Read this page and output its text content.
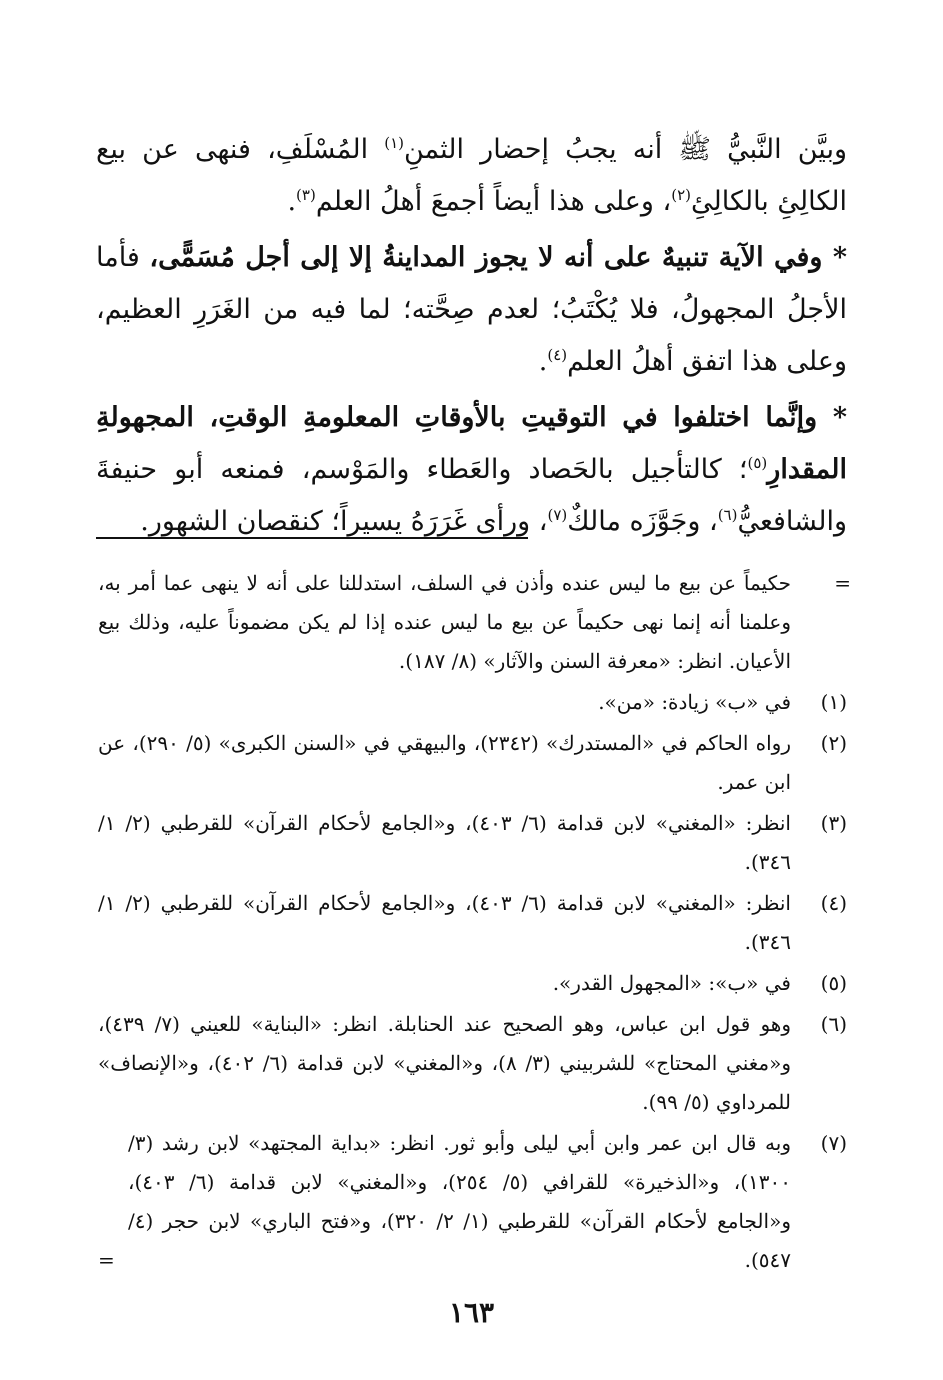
وبيَّن النَّبيُّ ﷺ أنه يجبُ إحضار الثمنِ$^{(١)}$ المُسْلَفِ، فنهى عن بيع الكالِئِ بالكالِئِ$^{(٢)}$، وعلى هذا أيضاً أجمعَ أهلُ العلم$^{(٣)}$.

* وفي الآية تنبيهٌ على أنه لا يجوز المداينةُ إلا إلى أجل مُسَمًّى، فأما الأجلُ المجهولُ، فلا يُكْتَبُ؛ لعدم صِحَّته؛ لما فيه من الغَرَرِ العظيم، وعلى هذا اتفق أهلُ العلم$^{(٤)}$.

* وإنَّما اختلفوا في التوقيتِ بالأوقاتِ المعلومةِ الوقتِ، المجهولةِ المقدارِ$^{(٥)}$؛ كالتأجيل بالحَصاد والعَطاء والمَوْسم، فمنعه أبو حنيفةَ والشافعيُّ$^{(٦)}$، وجَوَّزَه مالكٌ$^{(٧)}$، ورأى غَرَرَهُ يسيراً؛ كنقصان الشهور.

=
حكيماً عن بيع ما ليس عنده وأذن في السلف، استدللنا على أنه لا ينهى عما أمر به، وعلمنا أنه إنما نهى حكيماً عن بيع ما ليس عنده إذا لم يكن مضموناً عليه، وذلك بيع الأعيان. انظر: «معرفة السنن والآثار» (٨/ ١٨٧).
(١)
في «ب» زيادة: «من».
(٢)
رواه الحاكم في «المستدرك» (٢٣٤٢)، والبيهقي في «السنن الكبرى» (٥/ ٢٩٠)، عن ابن عمر.
(٣)
انظر: «المغني» لابن قدامة (٦/ ٤٠٣)، و«الجامع لأحكام القرآن» للقرطبي (٢/ ١/ ٣٤٦).
(٤)
انظر: «المغني» لابن قدامة (٦/ ٤٠٣)، و«الجامع لأحكام القرآن» للقرطبي (٢/ ١/ ٣٤٦).
(٥)
في «ب»: «المجهول القدر».
(٦)
وهو قول ابن عباس، وهو الصحيح عند الحنابلة. انظر: «البناية» للعيني (٧/ ٤٣٩)، و«مغني المحتاج» للشربيني (٣/ ٨)، و«المغني» لابن قدامة (٦/ ٤٠٢)، و«الإنصاف» للمرداوي (٥/ ٩٩).
(٧)
وبه قال ابن عمر وابن أبي ليلى وأبو ثور. انظر: «بداية المجتهد» لابن رشد (٣/ ١٣٠٠)، و«الذخيرة» للقرافي (٥/ ٢٥٤)، و«المغني» لابن قدامة (٦/ ٤٠٣)، و«الجامع لأحكام القرآن» للقرطبي (١/ ٢/ ٣٢٠)، و«فتح الباري» لابن حجر (٤/ ٥٤٧).
=
١٦٣
